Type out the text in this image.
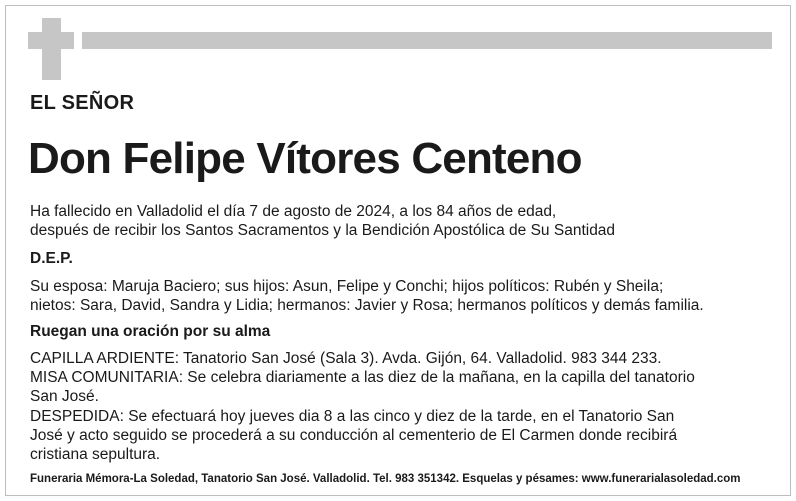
EL SEÑOR
Don Felipe Vítores Centeno
Ha fallecido en Valladolid el día 7 de agosto de 2024, a los 84 años de edad,
después de recibir los Santos Sacramentos y la Bendición Apostólica de Su Santidad
D.E.P.
Su esposa: Maruja Baciero; sus hijos: Asun, Felipe y Conchi; hijos políticos: Rubén y Sheila;
nietos: Sara, David, Sandra y Lidia; hermanos: Javier y Rosa; hermanos políticos y demás familia.
Ruegan una oración por su alma
CAPILLA ARDIENTE: Tanatorio San José (Sala 3). Avda. Gijón, 64. Valladolid. 983 344 233.
MISA COMUNITARIA: Se celebra diariamente a las diez de la mañana, en la capilla del tanatorio
San José.
DESPEDIDA: Se efectuará hoy jueves dia 8 a las cinco y diez de la tarde, en el Tanatorio San
José y acto seguido se procederá a su conducción al cementerio de El Carmen donde recibirá
cristiana sepultura.
Funeraria Mémora-La Soledad, Tanatorio San José. Valladolid. Tel. 983 351342. Esquelas y pésames: www.funerarialasoledad.com
